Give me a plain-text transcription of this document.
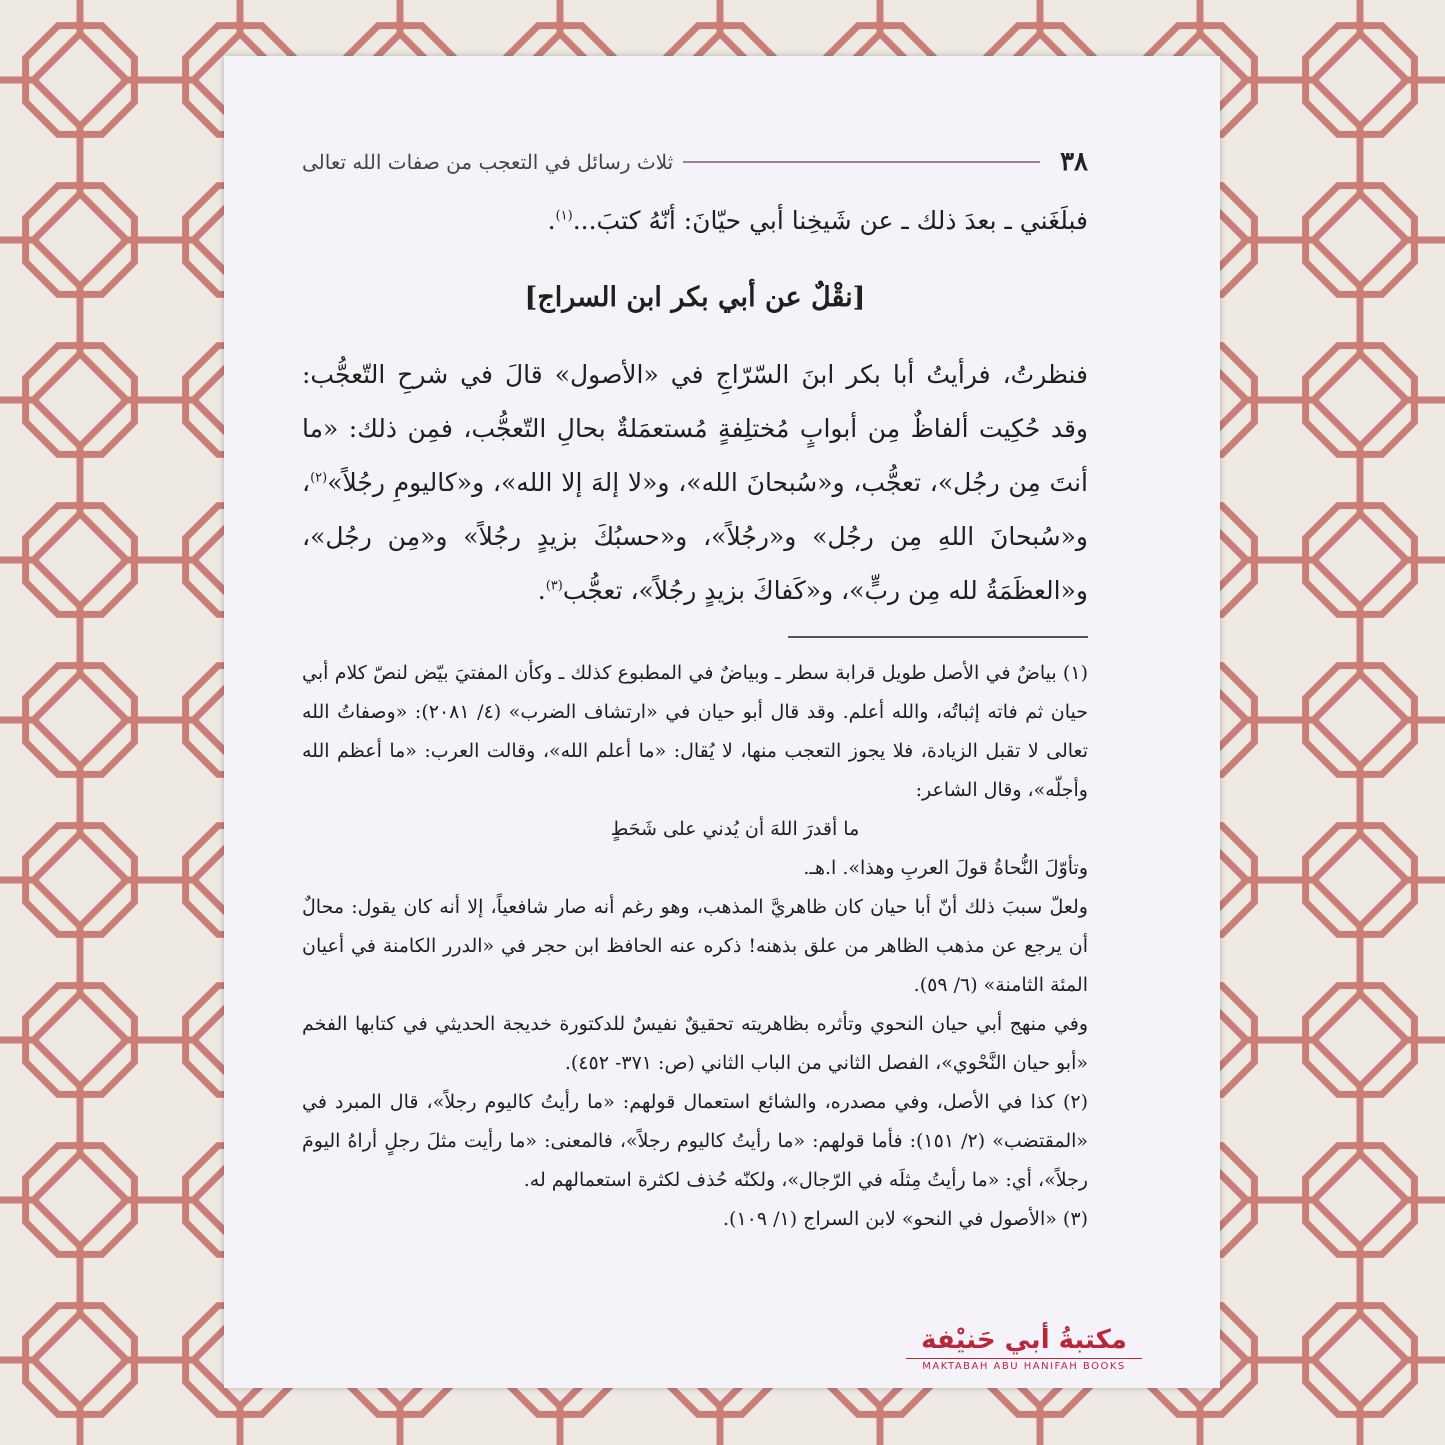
٣٨
ثلاث رسائل في التعجب من صفات الله تعالى

فبلَغَني ـ بعدَ ذلك ـ عن شَيخِنا أبي حيّانَ: أنّهُ كتبَ...$^{(١)}$.

[نقْلٌ عن أبي بكر ابن السراج]

فنظرتُ، فرأيتُ أبا بكر ابنَ السّرّاجِ في «الأصول» قالَ في شرحِ التّعجُّب: وقد حُكِيت ألفاظٌ مِن أبوابٍ مُختلِفةٍ مُستعمَلةٌ بحالِ التّعجُّب، فمِن ذلك: «ما أنتَ مِن رجُل»، تعجُّب، و«سُبحانَ الله»، و«لا إلهَ إلا الله»، و«كاليومِ رجُلاً»$^{(٢)}$، و«سُبحانَ اللهِ مِن رجُل» و«رجُلاً»، و«حسبُكَ بزيدٍ رجُلاً» و«مِن رجُل»، و«العظَمَةُ لله مِن ربٍّ»، و«كَفاكَ بزيدٍ رجُلاً»، تعجُّب$^{(٣)}$.

(١) بياضٌ في الأصل طويل قرابة سطر ـ وبياضٌ في المطبوع كذلك ـ وكأن المفتيَ بيّض لنصّ كلام أبي حيان ثم فاته إثباتُه، والله أعلم. وقد قال أبو حيان في «ارتشاف الضرب» (٤/ ٢٠٨١): «وصفاتُ الله تعالى لا تقبل الزيادة، فلا يجوز التعجب منها، لا يُقال: «ما أعلم الله»، وقالت العرب: «ما أعظم الله وأجلّه»، وقال الشاعر:

ما أقدرَ اللهَ أن يُدني على شَحَطٍ

وتأوّلَ النُّحاةُ قولَ العربِ وهذا». ا.هـ.

ولعلّ سببَ ذلك أنّ أبا حيان كان ظاهريَّ المذهب، وهو رغم أنه صار شافعياً، إلا أنه كان يقول: محالٌ أن يرجع عن مذهب الظاهر من علق بذهنه! ذكره عنه الحافظ ابن حجر في «الدرر الكامنة في أعيان المئة الثامنة» (٦/ ٥٩).

وفي منهج أبي حيان النحوي وتأثره بظاهريته تحقيقٌ نفيسٌ للدكتورة خديجة الحديثي في كتابها الفخم «أبو حيان النَّحْوي»، الفصل الثاني من الباب الثاني (ص: ٣٧١- ٤٥٢).

(٢) كذا في الأصل، وفي مصدره، والشائع استعمال قولهم: «ما رأيتُ كاليوم رجلاً»، قال المبرد في «المقتضب» (٢/ ١٥١): فأما قولهم: «ما رأيتُ كاليوم رجلاً»، فالمعنى: «ما رأيت مثلَ رجلٍ أراهُ اليومَ رجلاً»، أي: «ما رأيتُ مِثلَه في الرّجال»، ولكنّه حُذف لكثرة استعمالهم له.

(٣) «الأصول في النحو» لابن السراج (١/ ١٠٩).

مكتبةُ أبي حَنيْفة
MAKTABAH ABU HANIFAH BOOKS
